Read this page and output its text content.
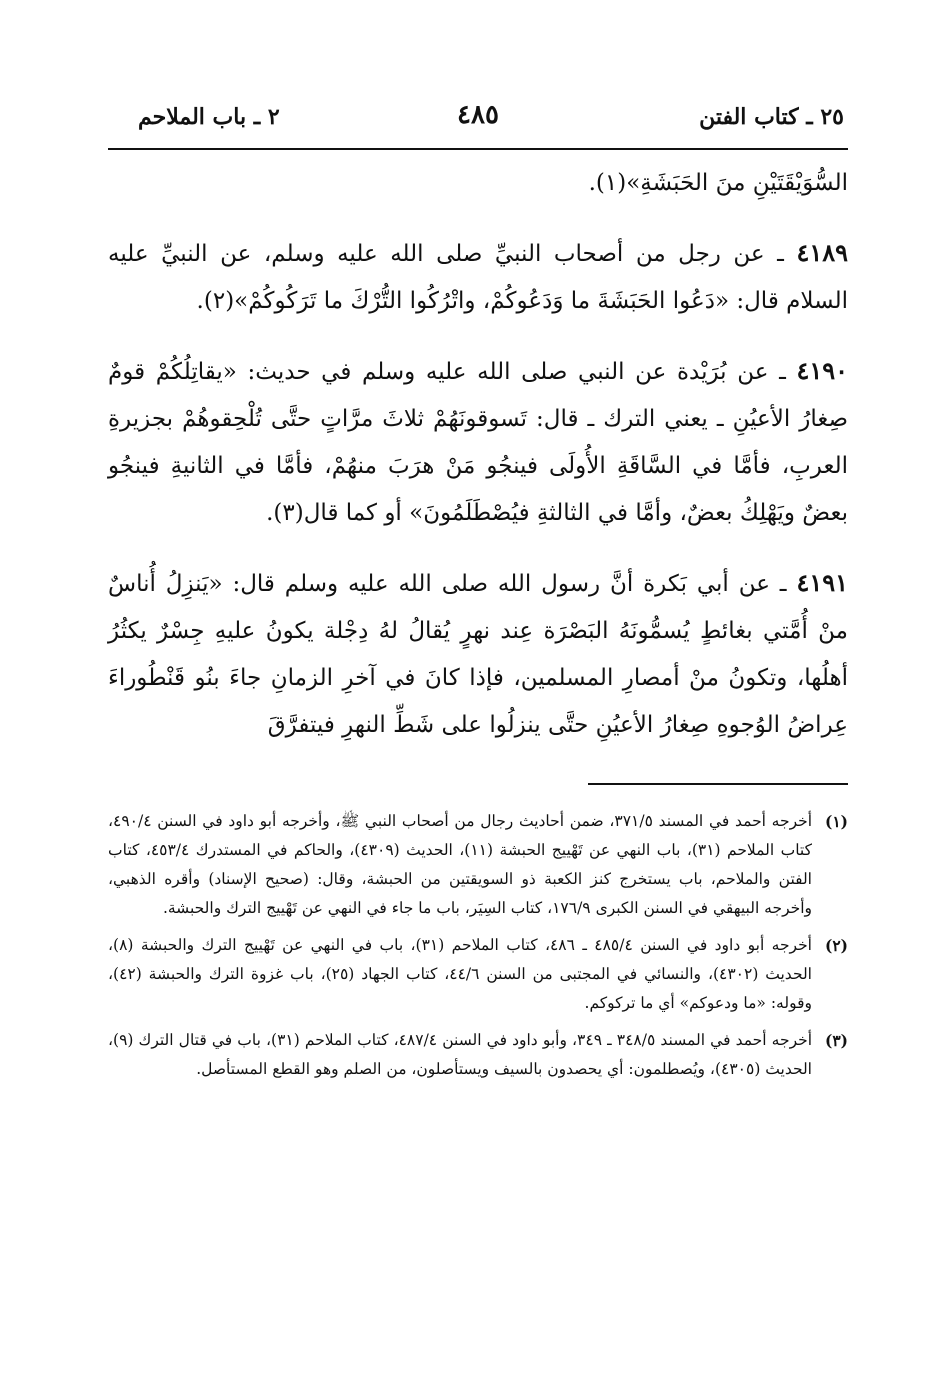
٢٥ ـ كتاب الفتن
٤٨٥
٢ ـ باب الملاحم

السُّوَيْقَتَيْنِ منَ الحَبَشَةِ»(١).

٤١٨٩ ـ عن رجل من أصحاب النبيِّ صلى الله عليه وسلم، عن النبيِّ عليه السلام قال: «دَعُوا الحَبَشَةَ ما وَدَعُوكُمْ، واتْرُكُوا التُّرْكَ ما تَرَكُوكُمْ»(٢).

٤١٩٠ ـ عن بُرَيْدة عن النبي صلى الله عليه وسلم في حديث: «يقاتِلُكُمْ قومٌ صِغارُ الأعيُنِ ـ يعني الترك ـ قال: تَسوقونَهُمْ ثلاثَ مرَّاتٍ حتَّى تُلْحِقوهُمْ بجزيرةِ العربِ، فأمَّا في السَّاقَةِ الأُولَى فينجُو مَنْ هرَبَ منهُمْ، فأمَّا في الثانيةِ فينجُو بعضٌ ويَهْلِكُ بعضٌ، وأمَّا في الثالثةِ فيُصْطَلَمُونَ» أو كما قال(٣).

٤١٩١ ـ عن أبي بَكرة أنَّ رسول الله صلى الله عليه وسلم قال: «يَنزِلُ أُناسٌ منْ أُمَّتي بغائطٍ يُسمُّونَهُ البَصْرَة عِند نهرٍ يُقالُ لهُ دِجْلة يكونُ عليهِ جِسْرٌ يكثُرُ أهلُها، وتكونُ منْ أمصارِ المسلمين، فإذا كانَ في آخرِ الزمانِ جاءَ بنُو قَنْطُوراءَ عِراضُ الوُجوهِ صِغارُ الأعيُنِ حتَّى ينزلُوا على شَطِّ النهرِ فيتفرَّقَ

(١)
أخرجه أحمد في المسند ٣٧١/٥، ضمن أحاديث رجال من أصحاب النبي ﷺ، وأخرجه أبو داود في السنن ٤٩٠/٤، كتاب الملاحم (٣١)، باب النهي عن تَهْييج الحبشة (١١)، الحديث (٤٣٠٩)، والحاكم في المستدرك ٤٥٣/٤، كتاب الفتن والملاحم، باب يستخرج كنز الكعبة ذو السويقتين من الحبشة، وقال: (صحيح الإسناد) وأقره الذهبي، وأخرجه البيهقي في السنن الكبرى ١٧٦/٩، كتاب السِيَر، باب ما جاء في النهي عن تَهْييج الترك والحبشة.
(٢)
أخرجه أبو داود في السنن ٤٨٥/٤ ـ ٤٨٦، كتاب الملاحم (٣١)، باب في النهي عن تَهْييج الترك والحبشة (٨)، الحديث (٤٣٠٢)، والنسائي في المجتبى من السنن ٤٤/٦، كتاب الجهاد (٢٥)، باب غزوة الترك والحبشة (٤٢)، وقوله: «ما ودعوكم» أي ما تركوكم.
(٣)
أخرجه أحمد في المسند ٣٤٨/٥ ـ ٣٤٩، وأبو داود في السنن ٤٨٧/٤، كتاب الملاحم (٣١)، باب في قتال الترك (٩)، الحديث (٤٣٠٥)، ويُصطلمون: أي يحصدون بالسيف ويستأصلون، من الصلم وهو القطع المستأصل.
